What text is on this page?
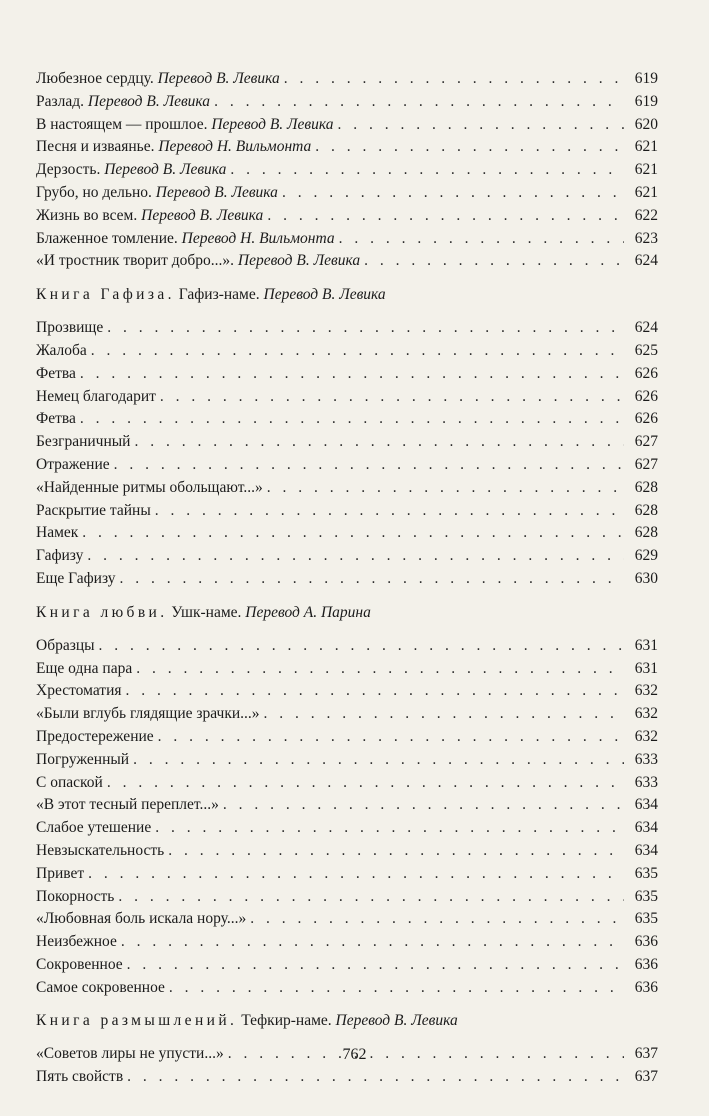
Любезное сердцу. Перевод В. Левика . . .	619
Разлад. Перевод В. Левика . . .	619
В настоящем — прошлое. Перевод В. Левика . . .	620
Песня и изваянье. Перевод Н. Вильмонта . . .	621
Дерзость. Перевод В. Левика . . .	621
Грубо, но дельно. Перевод В. Левика . . .	621
Жизнь во всем. Перевод В. Левика . . .	622
Блаженное томление. Перевод Н. Вильмонта . . .	623
«И тростник творит добро...». Перевод В. Левика . . .	624
Книга Гафиза. Гафиз-наме. Перевод В. Левика
Прозвище . . .	624
Жалоба . . .	625
Фетва . . .	626
Немец благодарит . . .	626
Фетва . . .	626
Безграничный . . .	627
Отражение . . .	627
«Найденные ритмы обольщают...» . . .	628
Раскрытие тайны . . .	628
Намек . . .	628
Гафизу . . .	629
Еще Гафизу . . .	630
Книга любви. Ушк-наме. Перевод А. Парина
Образцы . . .	631
Еще одна пара . . .	631
Хрестоматия . . .	632
«Были вглубь глядящие зрачки...» . . .	632
Предостережение . . .	632
Погруженный . . .	633
С опаской . . .	633
«В этот тесный переплет...» . . .	634
Слабое утешение . . .	634
Невзыскательность . . .	634
Привет . . .	635
Покорность . . .	635
«Любовная боль искала нору...» . . .	635
Неизбежное . . .	636
Сокровенное . . .	636
Самое сокровенное . . .	636
Книга размышлений. Тефкир-наме. Перевод В. Левика
«Советов лиры не упусти...» . . .	637
Пять свойств . . .	637
762
